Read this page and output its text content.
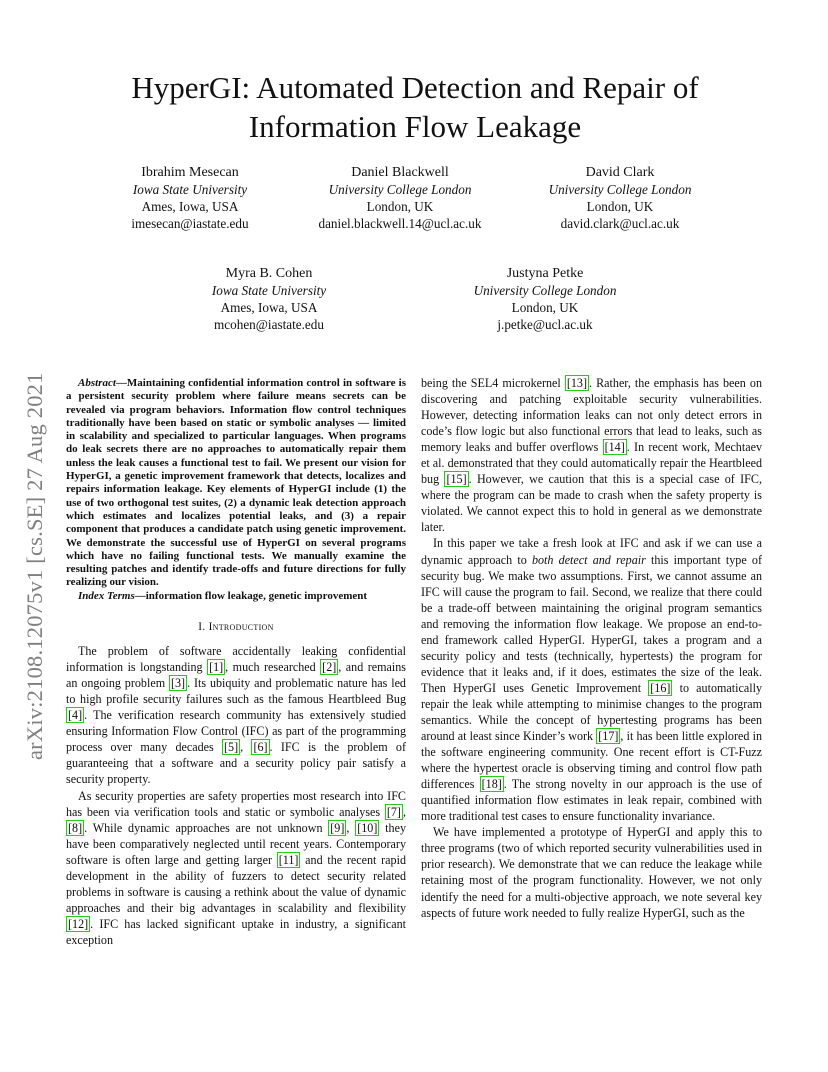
arXiv:2108.12075v1 [cs.SE] 27 Aug 2021
HyperGI: Automated Detection and Repair of
Information Flow Leakage
Ibrahim Mesecan
Iowa State University
Ames, Iowa, USA
imesecan@iastate.edu
Daniel Blackwell
University College London
London, UK
daniel.blackwell.14@ucl.ac.uk
David Clark
University College London
London, UK
david.clark@ucl.ac.uk
Myra B. Cohen
Iowa State University
Ames, Iowa, USA
mcohen@iastate.edu
Justyna Petke
University College London
London, UK
j.petke@ucl.ac.uk

Abstract—Maintaining confidential information control in software is a persistent security problem where failure means secrets can be revealed via program behaviors. Information flow control techniques traditionally have been based on static or symbolic analyses — limited in scalability and specialized to particular languages. When programs do leak secrets there are no approaches to automatically repair them unless the leak causes a functional test to fail. We present our vision for HyperGI, a genetic improvement framework that detects, localizes and repairs information leakage. Key elements of HyperGI include (1) the use of two orthogonal test suites, (2) a dynamic leak detection approach which estimates and localizes potential leaks, and (3) a repair component that produces a candidate patch using genetic improvement. We demonstrate the successful use of HyperGI on several programs which have no failing functional tests. We manually examine the resulting patches and identify trade-offs and future directions for fully realizing our vision.

Index Terms—information flow leakage, genetic improvement

I. Introduction

The problem of software accidentally leaking confidential information is longstanding [1] , much researched [2] , and remains an ongoing problem [3] . Its ubiquity and problematic nature has led to high profile security failures such as the famous Heartbleed Bug [4] . The verification research community has extensively studied ensuring Information Flow Control (IFC) as part of the programming process over many decades [5] , [6] . IFC is the problem of guaranteeing that a software and a security policy pair satisfy a security property.

As security properties are safety properties most research into IFC has been via verification tools and static or symbolic analyses [7] , [8] . While dynamic approaches are not unknown [9] , [10] they have been comparatively neglected until recent years. Contemporary software is often large and getting larger [11] and the recent rapid development in the ability of fuzzers to detect security related problems in software is causing a rethink about the value of dynamic approaches and their big advantages in scalability and flexibility [12] . IFC has lacked significant uptake in industry, a significant exception

being the SEL4 microkernel [13] . Rather, the emphasis has been on discovering and patching exploitable security vulnerabilities. However, detecting information leaks can not only detect errors in code’s flow logic but also functional errors that lead to leaks, such as memory leaks and buffer overflows [14] . In recent work, Mechtaev et al. demonstrated that they could automatically repair the Heartbleed bug [15] . However, we caution that this is a special case of IFC, where the program can be made to crash when the safety property is violated. We cannot expect this to hold in general as we demonstrate later.

In this paper we take a fresh look at IFC and ask if we can use a dynamic approach to both detect and repair this important type of security bug. We make two assumptions. First, we cannot assume an IFC will cause the program to fail. Second, we realize that there could be a trade-off between maintaining the original program semantics and removing the information flow leakage. We propose an end-to-end framework called HyperGI. HyperGI, takes a program and a security policy and tests (technically, hypertests) the program for evidence that it leaks and, if it does, estimates the size of the leak. Then HyperGI uses Genetic Improvement [16] to automatically repair the leak while attempting to minimise changes to the program semantics. While the concept of hypertesting programs has been around at least since Kinder’s work [17] , it has been little explored in the software engineering community. One recent effort is CT-Fuzz where the hypertest oracle is observing timing and control flow path differences [18] . The strong novelty in our approach is the use of quantified information flow estimates in leak repair, combined with more traditional test cases to ensure functionality invariance.

We have implemented a prototype of HyperGI and apply this to three programs (two of which reported security vulnerabilities used in prior research). We demonstrate that we can reduce the leakage while retaining most of the program functionality. However, we not only identify the need for a multi-objective approach, we note several key aspects of future work needed to fully realize HyperGI, such as the
